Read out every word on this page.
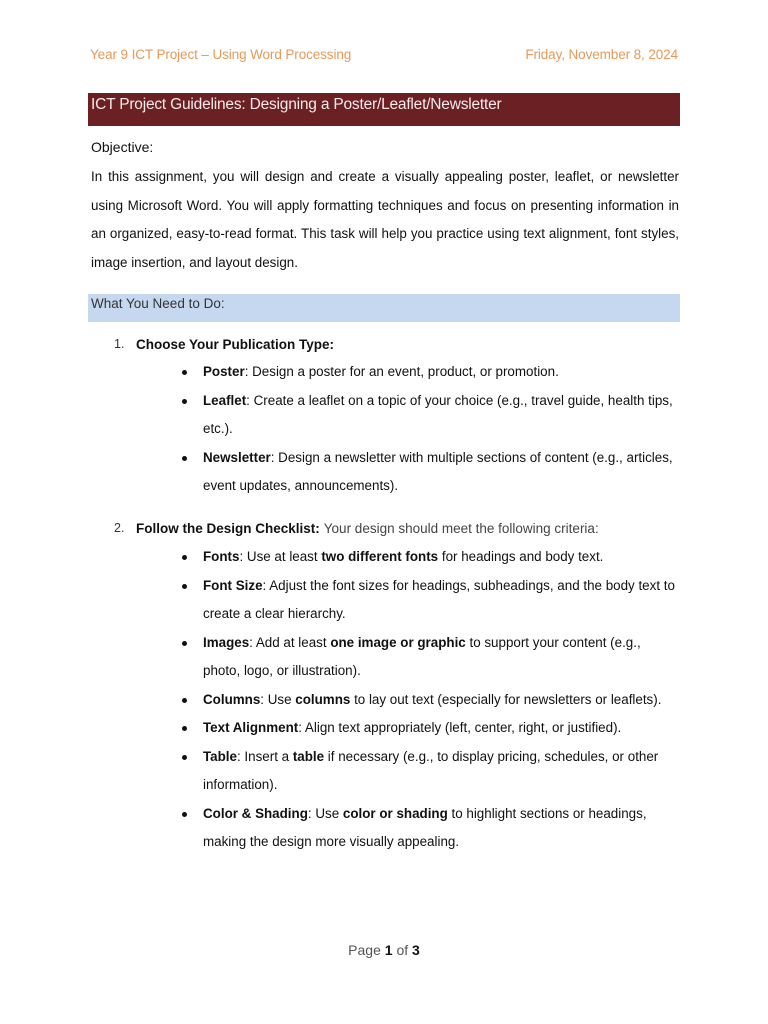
Year 9 ICT Project – Using Word Processing	Friday, November 8, 2024
ICT Project Guidelines: Designing a Poster/Leaflet/Newsletter
Objective:
In this assignment, you will design and create a visually appealing poster, leaflet, or newsletter using Microsoft Word. You will apply formatting techniques and focus on presenting information in an organized, easy-to-read format. This task will help you practice using text alignment, font styles, image insertion, and layout design.
What You Need to Do:
1. Choose Your Publication Type:
Poster: Design a poster for an event, product, or promotion.
Leaflet: Create a leaflet on a topic of your choice (e.g., travel guide, health tips, etc.).
Newsletter: Design a newsletter with multiple sections of content (e.g., articles, event updates, announcements).
2. Follow the Design Checklist: Your design should meet the following criteria:
Fonts: Use at least two different fonts for headings and body text.
Font Size: Adjust the font sizes for headings, subheadings, and the body text to create a clear hierarchy.
Images: Add at least one image or graphic to support your content (e.g., photo, logo, or illustration).
Columns: Use columns to lay out text (especially for newsletters or leaflets).
Text Alignment: Align text appropriately (left, center, right, or justified).
Table: Insert a table if necessary (e.g., to display pricing, schedules, or other information).
Color & Shading: Use color or shading to highlight sections or headings, making the design more visually appealing.
Page 1 of 3
